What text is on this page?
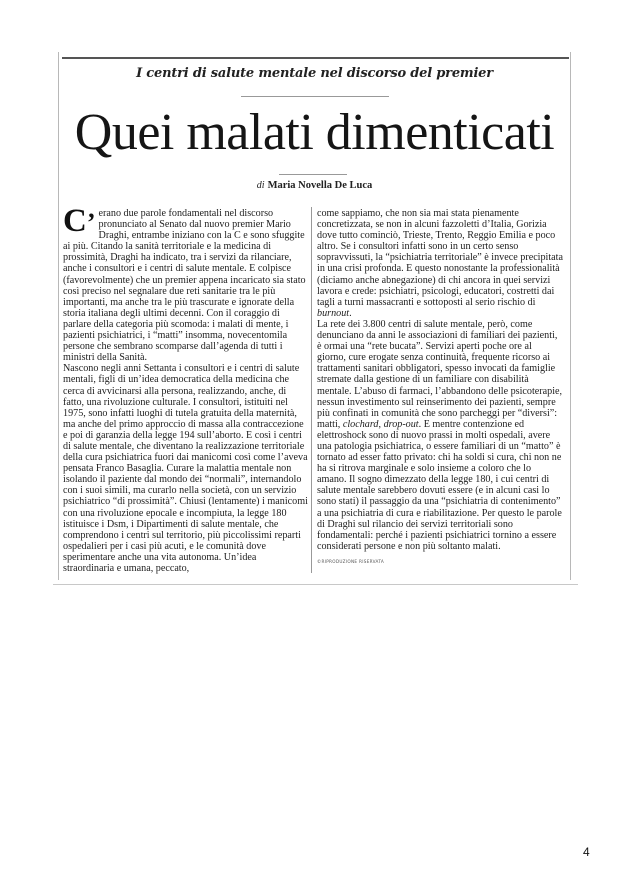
I centri di salute mentale nel discorso del premier
Quei malati dimenticati
di Maria Novella De Luca

C’ erano due parole fondamentali nel discorso pronunciato al Senato dal nuovo premier Mario Draghi, entrambe iniziano con la C e sono sfuggite ai più. Citando la sanità territoriale e la medicina di prossimità, Draghi ha indicato, tra i servizi da rilanciare, anche i consultori e i centri di salute mentale. E colpisce (favorevolmente) che un premier appena incaricato sia stato così preciso nel segnalare due reti sanitarie tra le più importanti, ma anche tra le più trascurate e ignorate della storia italiana degli ultimi decenni. Con il coraggio di parlare della categoria più scomoda: i malati di mente, i pazienti psichiatrici, i “matti” insomma, novecentomila persone che sembrano scomparse dall’agenda di tutti i ministri della Sanità.

Nascono negli anni Settanta i consultori e i centri di salute mentali, figli di un’idea democratica della medicina che cerca di avvicinarsi alla persona, realizzando, anche, di fatto, una rivoluzione culturale. I consultori, istituiti nel 1975, sono infatti luoghi di tutela gratuita della maternità, ma anche del primo approccio di massa alla contraccezione e poi di garanzia della legge 194 sull’aborto. E così i centri di salute mentale, che diventano la realizzazione territoriale della cura psichiatrica fuori dai manicomi così come l’aveva pensata Franco Basaglia. Curare la malattia mentale non isolando il paziente dal mondo dei “normali”, internandolo con i suoi simili, ma curarlo nella società, con un servizio psichiatrico “di prossimità”. Chiusi (lentamente) i manicomi con una rivoluzione epocale e incompiuta, la legge 180 istituisce i Dsm, i Dipartimenti di salute mentale, che comprendono i centri sul territorio, più piccolissimi reparti ospedalieri per i casi più acuti, e le comunità dove sperimentare anche una vita autonoma. Un’idea straordinaria e umana, peccato,

come sappiamo, che non sia mai stata pienamente concretizzata, se non in alcuni fazzoletti d’Italia, Gorizia dove tutto cominciò, Trieste, Trento, Reggio Emilia e poco altro. Se i consultori infatti sono in un certo senso sopravvissuti, la “psichiatria territoriale” è invece precipitata in una crisi profonda. E questo nonostante la professionalità (diciamo anche abnegazione) di chi ancora in quei servizi lavora e crede: psichiatri, psicologi, educatori, costretti dai tagli a turni massacranti e sottoposti al serio rischio di burnout.

La rete dei 3.800 centri di salute mentale, però, come denunciano da anni le associazioni di familiari dei pazienti, è ormai una “rete bucata”. Servizi aperti poche ore al giorno, cure erogate senza continuità, frequente ricorso ai trattamenti sanitari obbligatori, spesso invocati da famiglie stremate dalla gestione di un familiare con disabilità mentale. L’abuso di farmaci, l’abbandono delle psicoterapie, nessun investimento sul reinserimento dei pazienti, sempre più confinati in comunità che sono parcheggi per “diversi”: matti, clochard, drop-out. E mentre contenzione ed elettroshock sono di nuovo prassi in molti ospedali, avere una patologia psichiatrica, o essere familiari di un “matto” è tornato ad esser fatto privato: chi ha soldi si cura, chi non ne ha si ritrova marginale e solo insieme a coloro che lo amano. Il sogno dimezzato della legge 180, i cui centri di salute mentale sarebbero dovuti essere (e in alcuni casi lo sono stati) il passaggio da una “psichiatria di contenimento” a una psichiatria di cura e riabilitazione. Per questo le parole di Draghi sul rilancio dei servizi territoriali sono fondamentali: perché i pazienti psichiatrici tornino a essere considerati persone e non più soltanto malati.

©RIPRODUZIONE RISERVATA
4
